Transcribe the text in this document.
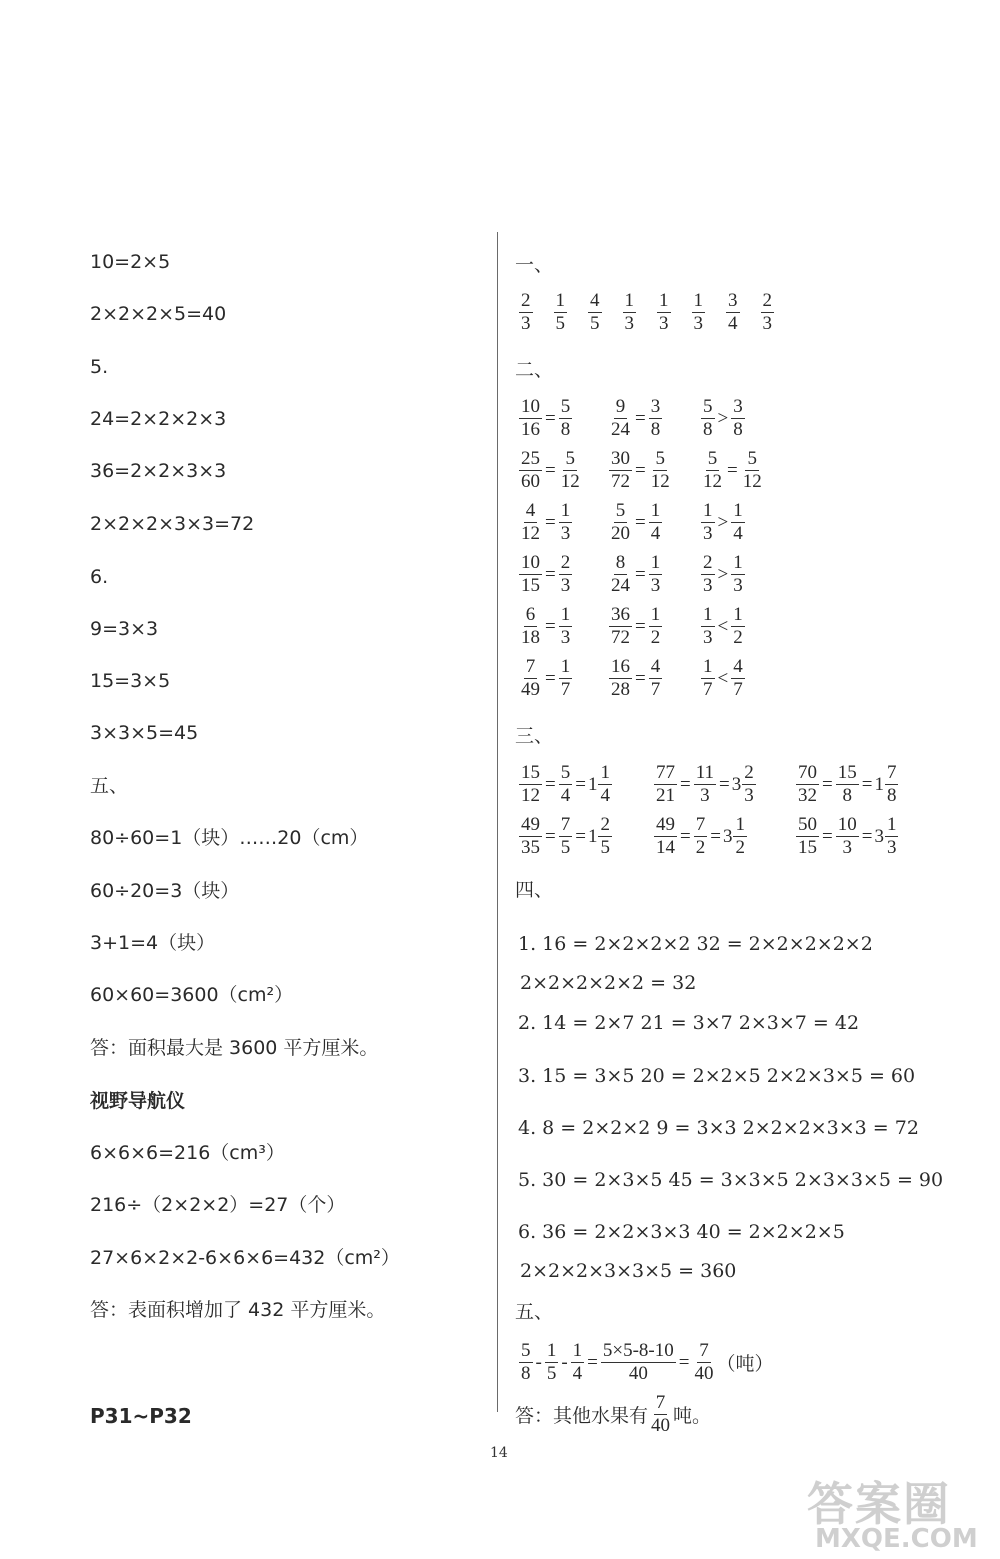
10=2×5
2×2×2×5=40
5.
24=2×2×2×3
36=2×2×3×3
2×2×2×3×3=72
6.
9=3×3
15=3×5
3×3×5=45
五、
80÷60=1（块）……20（cm）
60÷20=3（块）
3+1=4（块）
60×60=3600（cm²）
答：面积最大是 3600 平方厘米。
视野导航仪
6×6×6=216（cm³）
216÷（2×2×2）=27（个）
27×6×2×2-6×6×6=432（cm²）
答：表面积增加了 432 平方厘米。
P31~P32
一、
$\frac{2}{3} \frac{1}{5} \frac{4}{5} \frac{1}{3} \frac{1}{3} \frac{1}{3} \frac{3}{4} \frac{2}{3}$
二、
$\frac{10}{16} = \frac{5}{8} \frac{9}{24} = \frac{3}{8} \frac{5}{8} > \frac{3}{8}$
$\frac{25}{60} = \frac{5}{12} \frac{30}{72} = \frac{5}{12} \frac{5}{12} = \frac{5}{12}$
$\frac{4}{12} = \frac{1}{3} \frac{5}{20} = \frac{1}{4} \frac{1}{3} > \frac{1}{4}$
$\frac{10}{15} = \frac{2}{3} \frac{8}{24} = \frac{1}{3} \frac{2}{3} > \frac{1}{3}$
$\frac{6}{18} = \frac{1}{3} \frac{36}{72} = \frac{1}{2} \frac{1}{3} < \frac{1}{2}$
$\frac{7}{49} = \frac{1}{7} \frac{16}{28} = \frac{4}{7} \frac{1}{7} < \frac{4}{7}$
三、
$\frac{15}{12} = \frac{5}{4} = 1 \frac{1}{4} \frac{77}{21} = \frac{11}{3} = 3 \frac{2}{3} \frac{70}{32} = \frac{15}{8} = 1 \frac{7}{8}$
$\frac{49}{35} = \frac{7}{5} = 1 \frac{2}{5} \frac{49}{14} = \frac{7}{2} = 3 \frac{1}{2}$	$\frac{50}{15} = \frac{10}{3} = 3 \frac{1}{3}$
四、
1. 16 = 2×2×2×2 32 = 2×2×2×2×2
2×2×2×2×2 = 32
2. 14 = 2×7 21 = 3×7 2×3×7 = 42
3. 15 = 3×5 20 = 2×2×5 2×2×3×5 = 60
4. 8 = 2×2×2 9 = 3×3 2×2×2×3×3 = 72
5. 30 = 2×3×5 45 = 3×3×5 2×3×3×5 = 90
6. 36 = 2×2×3×3 40 = 2×2×2×5
2×2×2×3×3×5 = 360
五、
$\frac{5}{8} - \frac{1}{5} - \frac{1}{4} = \frac{5\times 5-8-10}{40} = \frac{7}{40}$ （吨）
答：其他水果有 $\frac{7}{40}$ 吨。
14
答案圈
MXQE.COM
